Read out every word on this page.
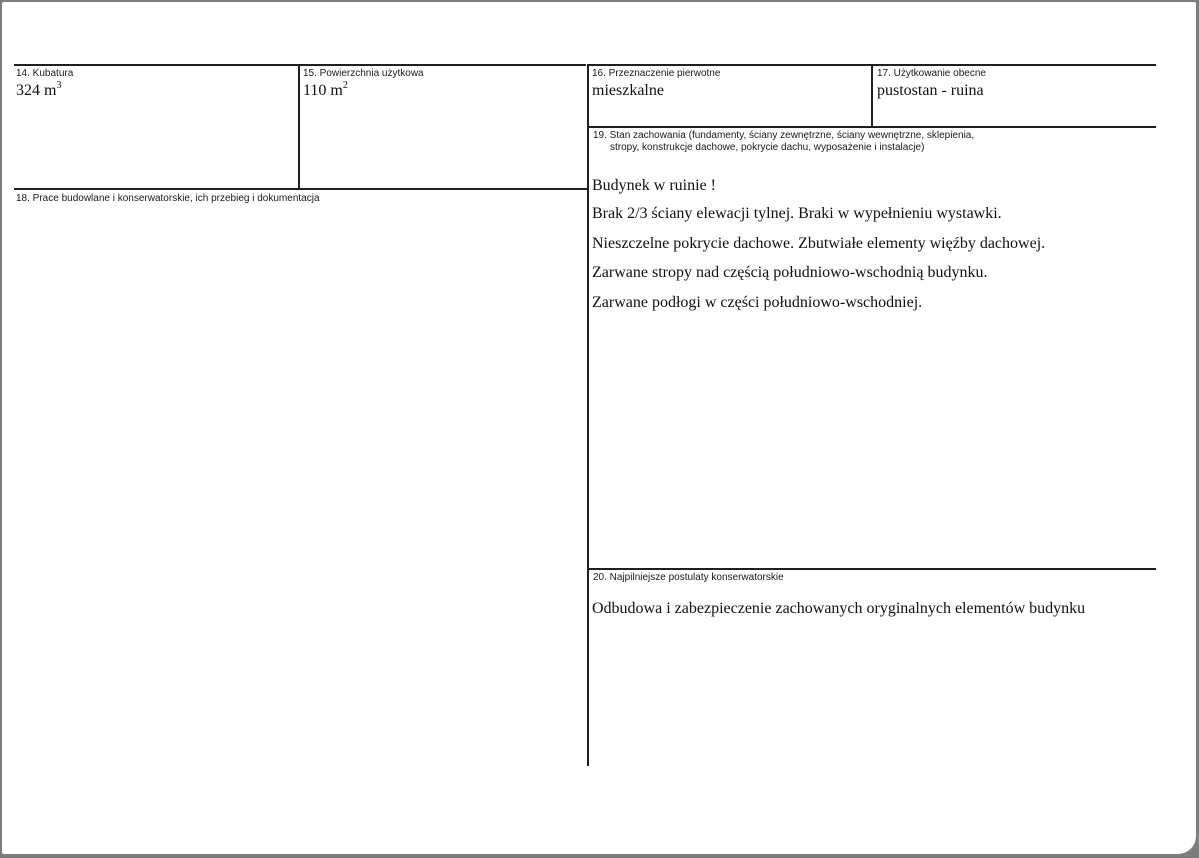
14. Kubatura
324 $m^3$
15. Powierzchnia użytkowa
110 $m^2$
16. Przeznaczenie pierwotne
mieszkalne
17. Użytkowanie obecne
pustostan - ruina
19. Stan zachowania (fundamenty, ściany zewnętrzne, ściany wewnętrzne, sklepienia,
stropy, konstrukcje dachowe, pokrycie dachu, wyposażenie i instalacje)
Budynek w ruinie !
Brak 2/3 ściany elewacji tylnej. Braki w wypełnieniu wystawki.
Nieszczelne pokrycie dachowe. Zbutwiałe elementy więźby dachowej.
Zarwane stropy nad częścią południowo-wschodnią budynku.
Zarwane podłogi w części południowo-wschodniej.
18. Prace budowlane i konserwatorskie, ich przebieg i dokumentacja
20. Najpilniejsze postulaty konserwatorskie
Odbudowa i zabezpieczenie zachowanych oryginalnych elementów budynku
